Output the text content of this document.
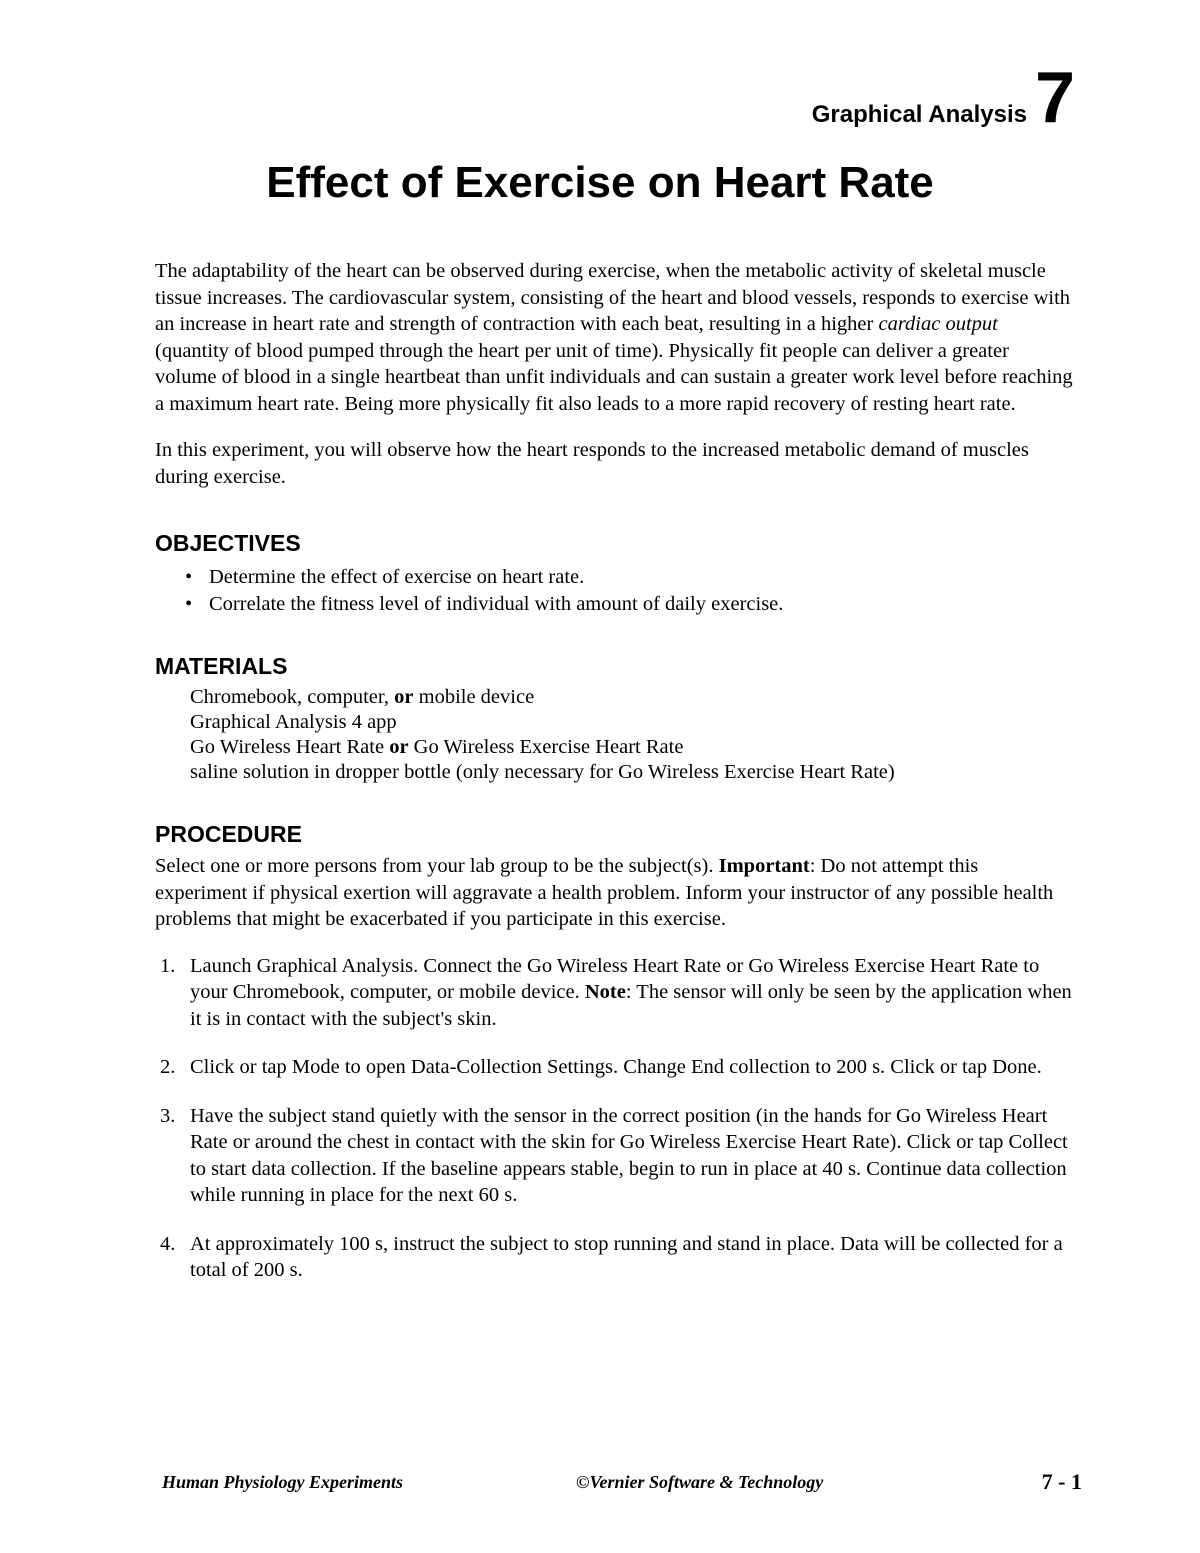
Graphical Analysis 7
Effect of Exercise on Heart Rate

The adaptability of the heart can be observed during exercise, when the metabolic activity of skeletal muscle tissue increases. The cardiovascular system, consisting of the heart and blood vessels, responds to exercise with an increase in heart rate and strength of contraction with each beat, resulting in a higher cardiac output (quantity of blood pumped through the heart per unit of time). Physically fit people can deliver a greater volume of blood in a single heartbeat than unfit individuals and can sustain a greater work level before reaching a maximum heart rate. Being more physically fit also leads to a more rapid recovery of resting heart rate.

In this experiment, you will observe how the heart responds to the increased metabolic demand of muscles during exercise.

OBJECTIVES
• Determine the effect of exercise on heart rate.
• Correlate the fitness level of individual with amount of daily exercise.
MATERIALS
Chromebook, computer, or mobile device
Graphical Analysis 4 app
Go Wireless Heart Rate or Go Wireless Exercise Heart Rate
saline solution in dropper bottle (only necessary for Go Wireless Exercise Heart Rate)
PROCEDURE

Select one or more persons from your lab group to be the subject(s). Important: Do not attempt this experiment if physical exertion will aggravate a health problem. Inform your instructor of any possible health problems that might be exacerbated if you participate in this exercise.

1. Launch Graphical Analysis. Connect the Go Wireless Heart Rate or Go Wireless Exercise Heart Rate to your Chromebook, computer, or mobile device. Note: The sensor will only be seen by the application when it is in contact with the subject's skin.
2. Click or tap Mode to open Data-Collection Settings. Change End collection to 200 s. Click or tap Done.
3. Have the subject stand quietly with the sensor in the correct position (in the hands for Go Wireless Heart Rate or around the chest in contact with the skin for Go Wireless Exercise Heart Rate). Click or tap Collect to start data collection. If the baseline appears stable, begin to run in place at 40 s. Continue data collection while running in place for the next 60 s.
4. At approximately 100 s, instruct the subject to stop running and stand in place. Data will be collected for a total of 200 s.
Human Physiology Experiments	©Vernier Software & Technology	7 - 1
